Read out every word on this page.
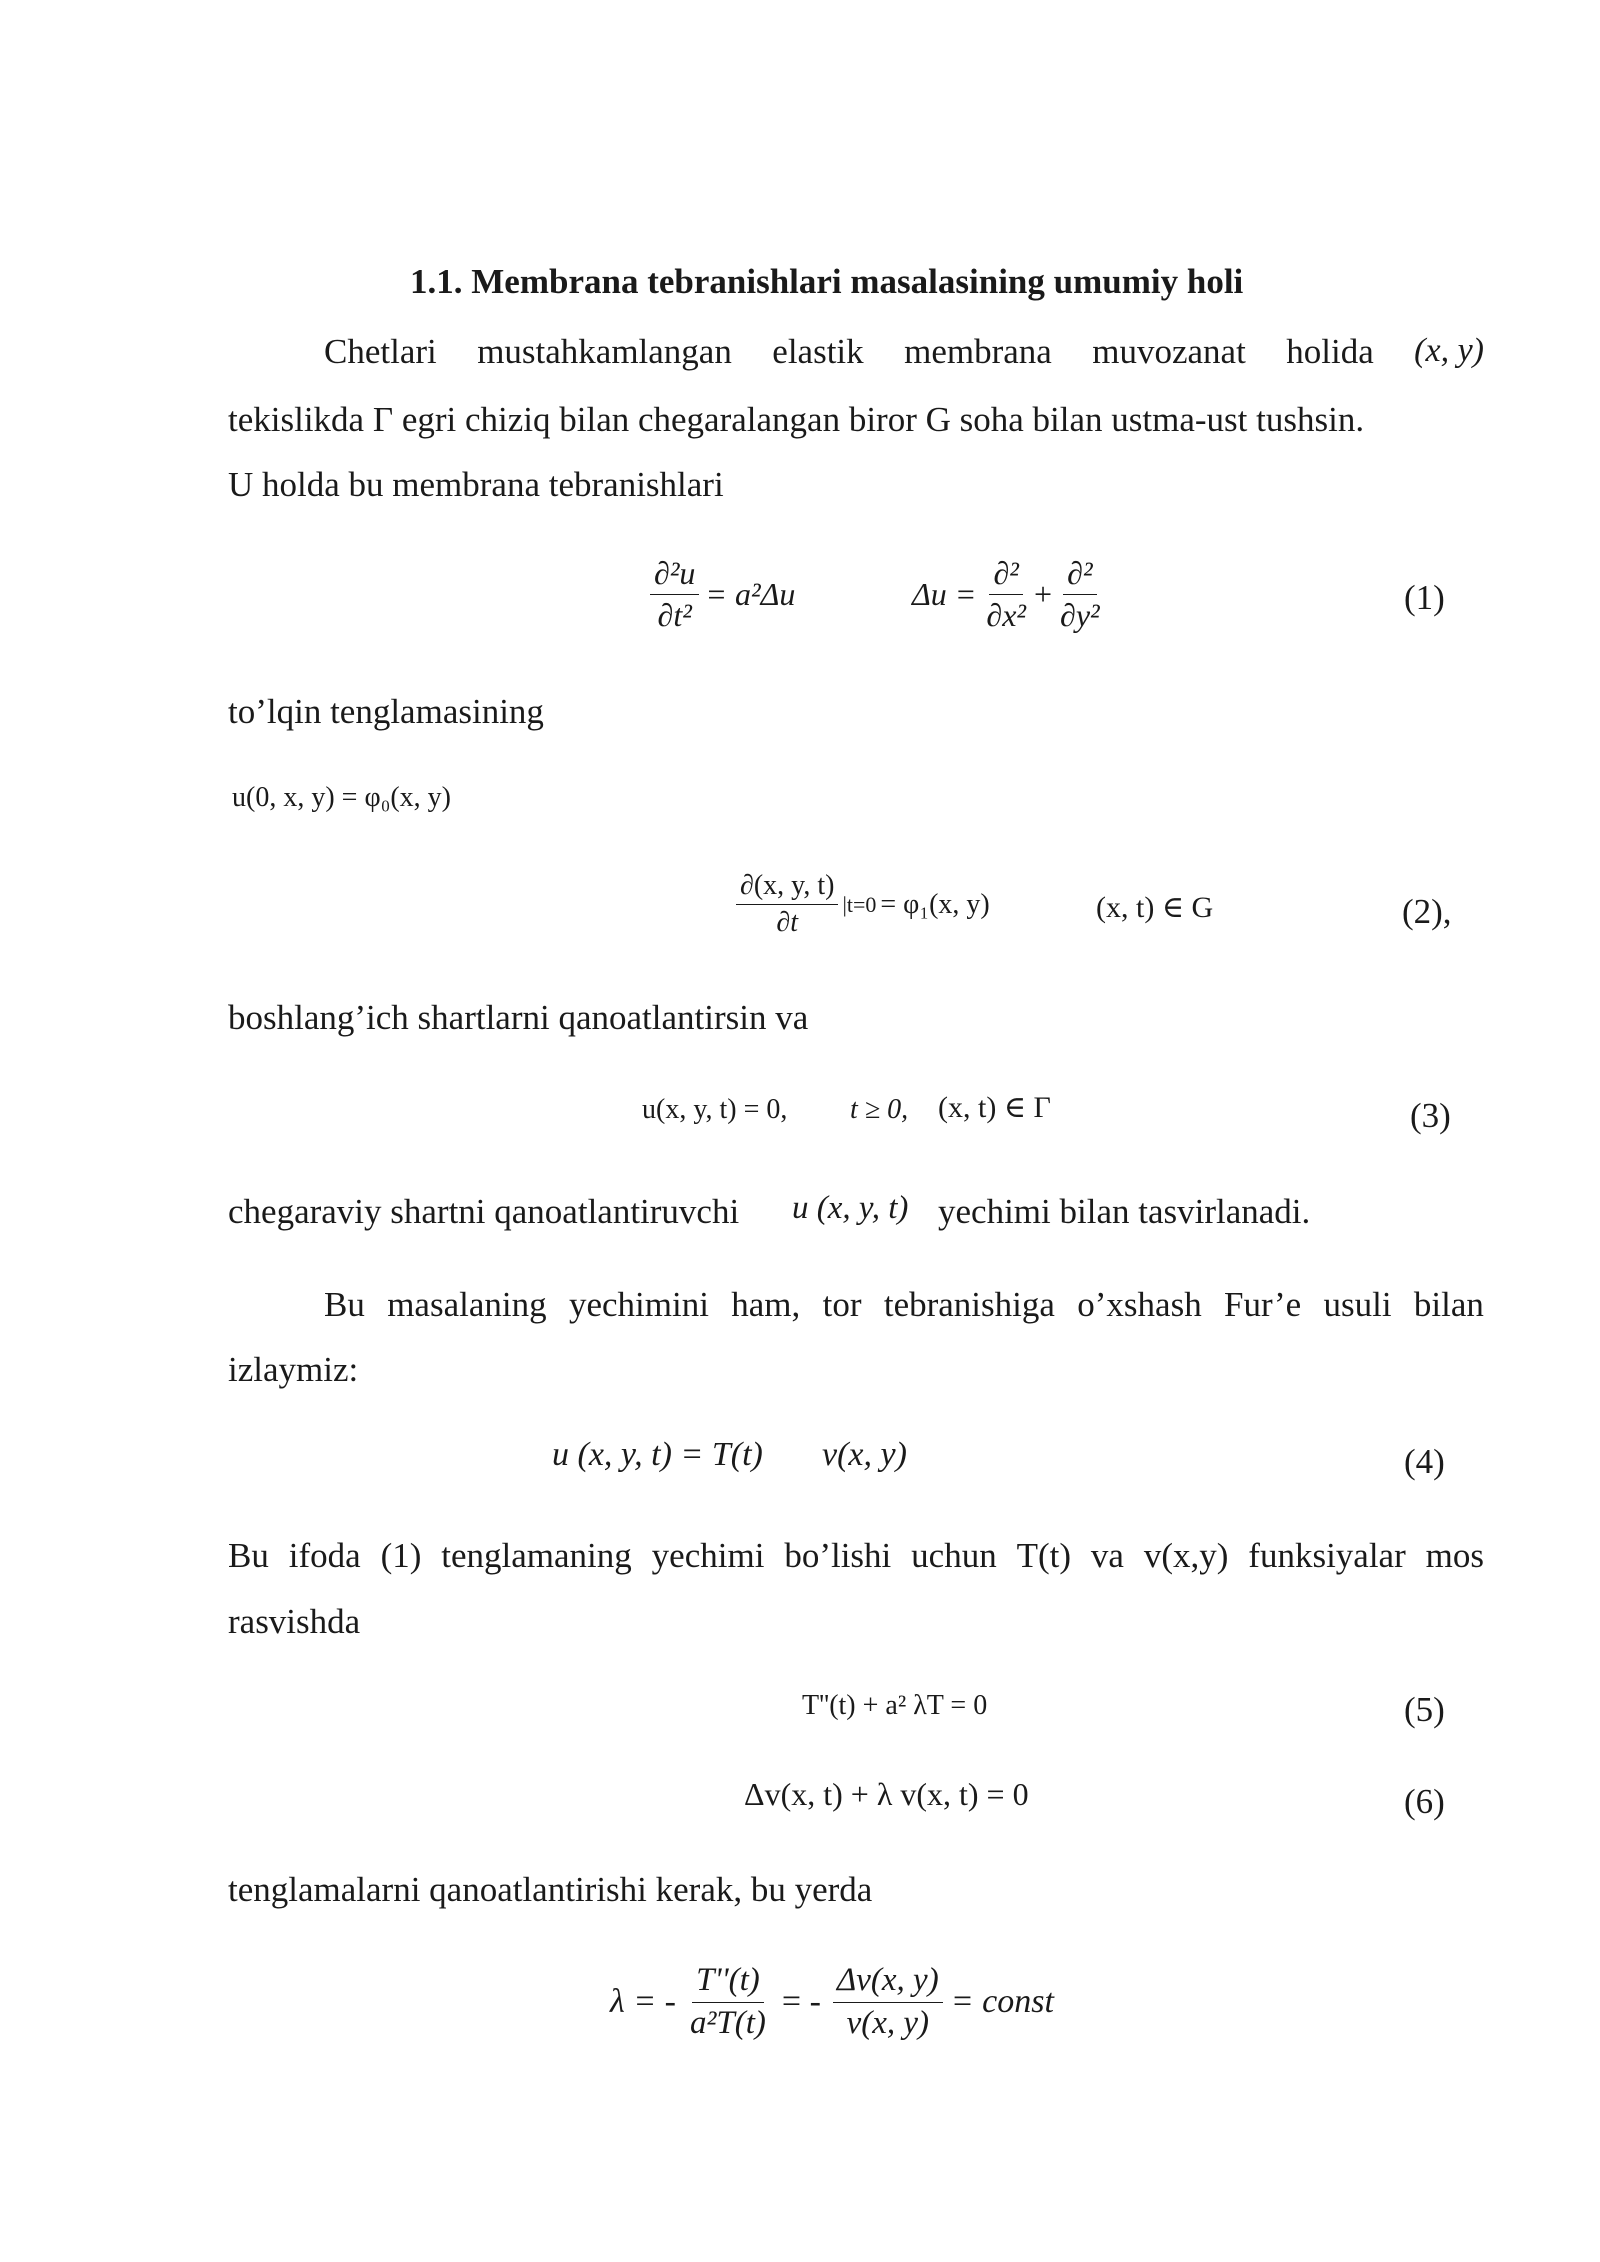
1.1. Membrana tebranishlari masalasining umumiy holi
Chetlari mustahkamlangan elastik membrana muvozanat holida (x, y)
tekislikda Γ egri chiziq bilan chegaralangan biror G soha bilan ustma-ust tushsin.
U holda bu membrana tebranishlari
$\frac{\text{∂²u}}{\text{∂t²}} = a^2\Delta u$	$\Delta u = \frac{\text{∂²}}{\text{∂x²}} + \frac{\text{∂²}}{\text{∂y²}}$	(1)
to’lqin tenglamasining
u(0, x, y) = φ₀(x, y)
$\frac{\partial(x, y, t)}{\partial t} |t=0 = \varphi_1(x$, y)	(x, t) ∈ G	(2),
boshlang’ich shartlarni qanoatlantirsin va
u(x, y, t) = 0, t ≥ 0, (x, t) ∈ Γ	(3)
chegaraviy shartni qanoatlantiruvchi u (x, y, t) yechimi bilan tasvirlanadi.
Bu masalaning yechimini ham, tor tebranishiga o’xshash Fur’e usuli bilan
izlaymiz:
u (x, y, t) = T(t) v(x, y)	(4)
Bu ifoda (1) tenglamaning yechimi bo’lishi uchun T(t) va v(x,y) funksiyalar mos
rasvishda
T''(t) + a² λT = 0	(5)
Δv(x, t) + λ v(x, t) = 0	(6)
tenglamalarni qanoatlantirishi kerak, bu yerda
λ = - $\frac{T''(t)}{\text{a²T(t)}}$ = - $\frac{\Delta v(x, y)}{v(x, y)}$ = const
